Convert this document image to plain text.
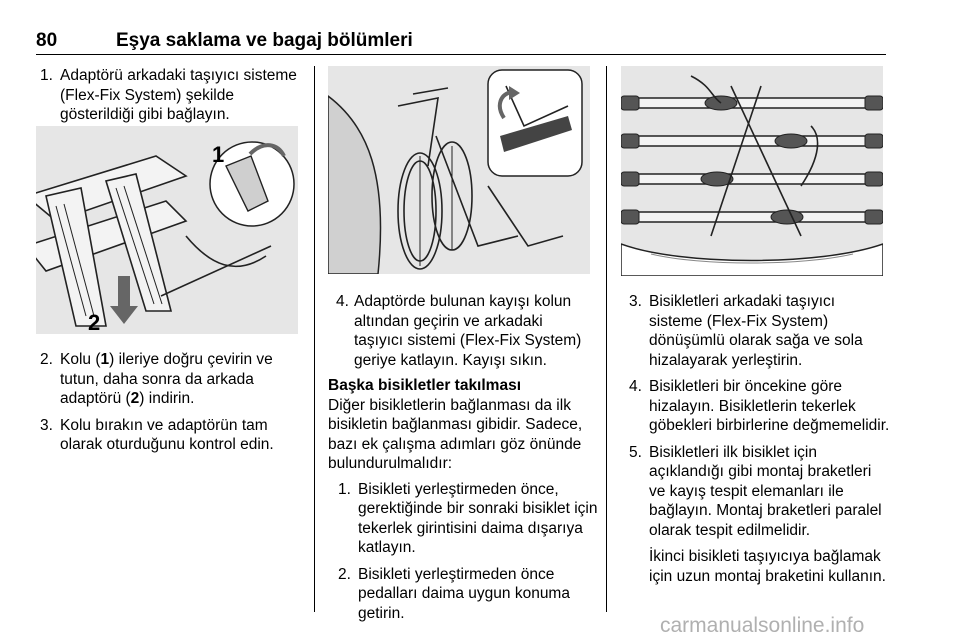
80	Eşya saklama ve bagaj bölümleri
1. Adaptörü arkadaki taşıyıcı sisteme (Flex-Fix System) şekilde gösterildiği gibi bağlayın.
1
2
2. Kolu (1) ileriye doğru çevirin ve tutun, daha sonra da arkada adaptörü (2) indirin.
3. Kolu bırakın ve adaptörün tam olarak oturduğunu kontrol edin.
4. Adaptörde bulunan kayışı kolun altından geçirin ve arkadaki taşıyıcı sistemi (Flex-Fix System) geriye katlayın. Kayışı sıkın.
Başka bisikletler takılması
Diğer bisikletlerin bağlanması da ilk bisikletin bağlanması gibidir. Sadece, bazı ek çalışma adımları göz önünde bulundurulmalıdır:
1. Bisikleti yerleştirmeden önce, gerektiğinde bir sonraki bisiklet için tekerlek girintisini daima dışarıya katlayın.
2. Bisikleti yerleştirmeden önce pedalları daima uygun konuma getirin.
3. Bisikletleri arkadaki taşıyıcı sisteme (Flex-Fix System) dönüşümlü olarak sağa ve sola hizalayarak yerleştirin.
4. Bisikletleri bir öncekine göre hizalayın. Bisikletlerin tekerlek göbekleri birbirlerine değmemelidir.
5. Bisikletleri ilk bisiklet için açıklandığı gibi montaj braketleri ve kayış tespit elemanları ile bağlayın. Montaj braketleri paralel olarak tespit edilmelidir.
İkinci bisikleti taşıyıcıya bağlamak için uzun montaj braketini kullanın.
carmanualsonline.info
